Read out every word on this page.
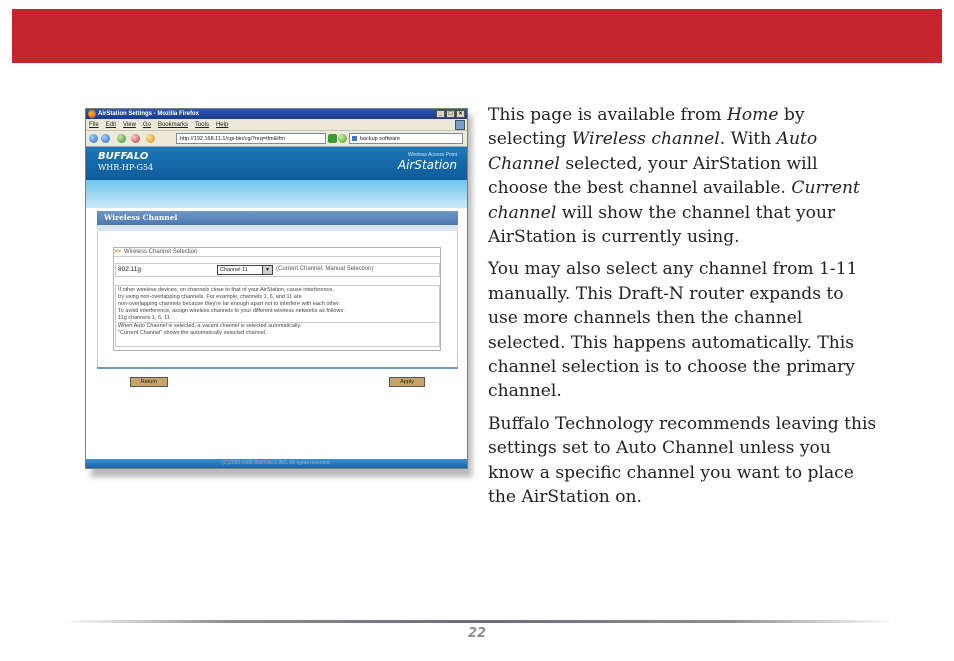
AirStation Settings - Mozilla Firefox	_	□	×
File Edit View Go Bookmarks Tools Help
http://192.168.11.1/cgi-bin/cgi?req=tfm&tfm	backup software
BUFFALO
WHR-HP-G54
Wireless Access Point
AirStation
Wireless Channel
>> Wireless Channel Selection
802.11g	Channel 11	▼	(Current Channel: Manual Selection)
If other wireless devices, on channels close to that of your AirStation, cause interference,
try using non-overlapping channels. For example, channels 1, 6, and 11 are
non-overlapping channels because they're far enough apart not to interfere with each other.
To avoid interference, assign wireless channels to your different wireless networks as follows:
11g channels 1, 6, 11
When Auto Channel is selected, a vacant channel is selected automatically.
"Current Channel" shows the automatically selected channel.
Return	Apply
(C)2000-2005 BUFFALO INC. All rights reserved.

This page is available from Home by selecting Wireless channel. With Auto Channel selected, your AirStation will choose the best channel available. Current channel will show the channel that your AirStation is currently using.

You may also select any channel from 1-11 manually. This Draft-N router expands to use more channels then the channel selected. This happens automatically. This channel selection is to choose the primary channel.

Buffalo Technology recommends leaving this settings set to Auto Channel unless you know a specific channel you want to place the AirStation on.

22
